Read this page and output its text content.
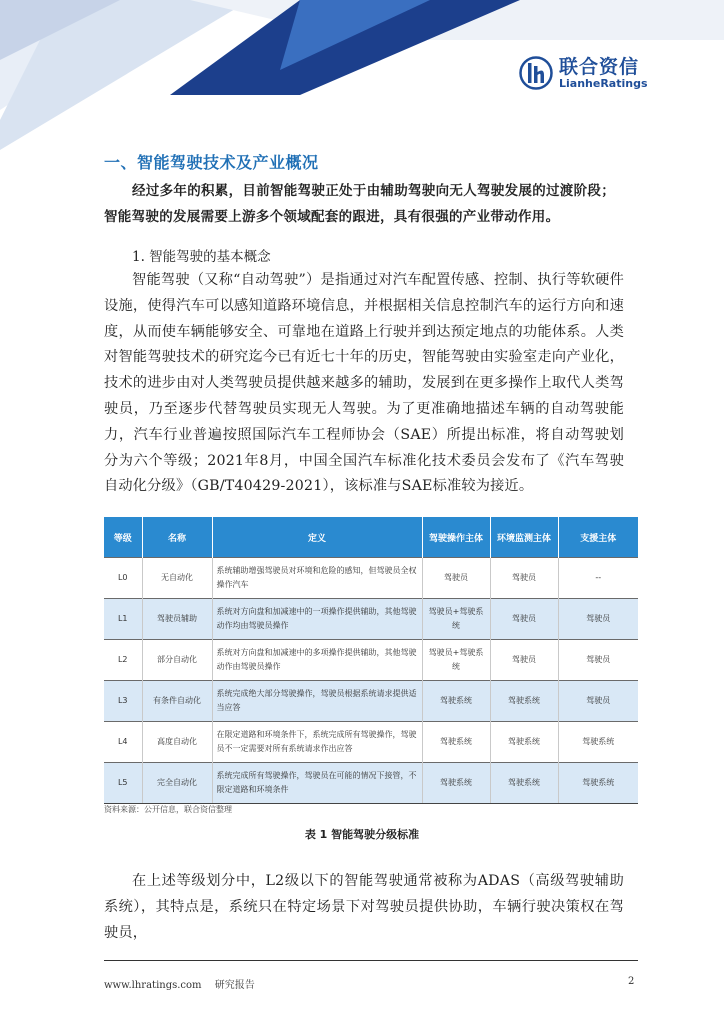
联合资信
LianheRatings
一、智能驾驶技术及产业概况
经过多年的积累，目前智能驾驶正处于由辅助驾驶向无人驾驶发展的过渡阶段；智能驾驶的发展需要上游多个领域配套的跟进，具有很强的产业带动作用。
1. 智能驾驶的基本概念
智能驾驶（又称“自动驾驶”）是指通过对汽车配置传感、控制、执行等软硬件设施，使得汽车可以感知道路环境信息，并根据相关信息控制汽车的运行方向和速度，从而使车辆能够安全、可靠地在道路上行驶并到达预定地点的功能体系。人类对智能驾驶技术的研究迄今已有近七十年的历史，智能驾驶由实验室走向产业化，技术的进步由对人类驾驶员提供越来越多的辅助，发展到在更多操作上取代人类驾驶员，乃至逐步代替驾驶员实现无人驾驶。为了更准确地描述车辆的自动驾驶能力，汽车行业普遍按照国际汽车工程师协会（SAE）所提出标准，将自动驾驶划分为六个等级；2021年8月，中国全国汽车标准化技术委员会发布了《汽车驾驶自动化分级》（GB/T40429-2021），该标准与SAE标准较为接近。
等级	名称	定义	驾驶操作主体	环境监测主体	支援主体
L0	无自动化	系统辅助增强驾驶员对环境和危险的感知，但驾驶员全权操作汽车	驾驶员	驾驶员	--
L1	驾驶员辅助	系统对方向盘和加减速中的一项操作提供辅助，其他驾驶动作均由驾驶员操作	驾驶员+驾驶系统	驾驶员	驾驶员
L2	部分自动化	系统对方向盘和加减速中的多项操作提供辅助，其他驾驶动作由驾驶员操作	驾驶员+驾驶系统	驾驶员	驾驶员
L3	有条件自动化	系统完成绝大部分驾驶操作，驾驶员根据系统请求提供适当应答	驾驶系统	驾驶系统	驾驶员
L4	高度自动化	在限定道路和环境条件下，系统完成所有驾驶操作，驾驶员不一定需要对所有系统请求作出应答	驾驶系统	驾驶系统	驾驶系统
L5	完全自动化	系统完成所有驾驶操作，驾驶员在可能的情况下接管，不限定道路和环境条件	驾驶系统	驾驶系统	驾驶系统
资料来源：公开信息，联合资信整理
表 1 智能驾驶分级标准
在上述等级划分中，L2级以下的智能驾驶通常被称为ADAS（高级驾驶辅助系统），其特点是，系统只在特定场景下对驾驶员提供协助，车辆行驶决策权在驾驶员，
www.lhratings.com 研究报告	2
